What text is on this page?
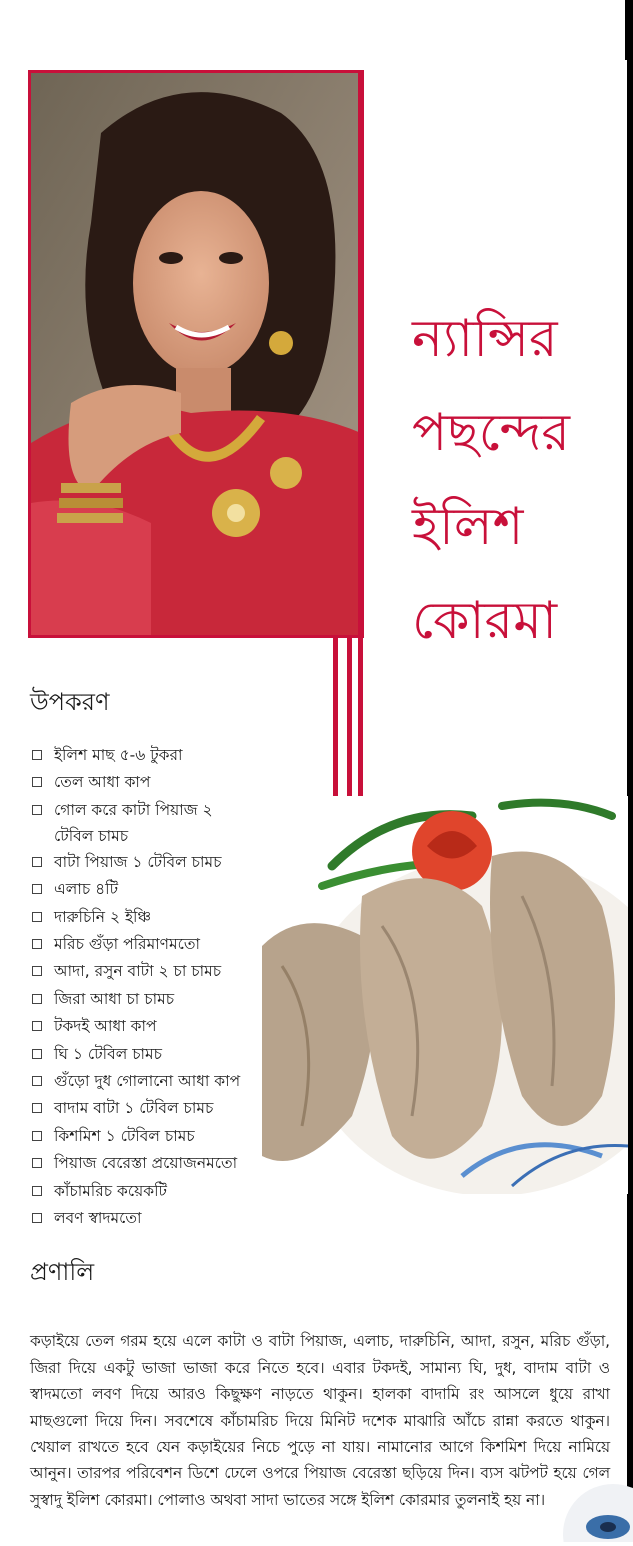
ন্যান্সির
পছন্দের
ইলিশ
কোরমা
উপকরণ
ইলিশ মাছ ৫-৬ টুকরা
তেল আধা কাপ
গোল করে কাটা পিয়াজ ২ টেবিল চামচ
বাটা পিয়াজ ১ টেবিল চামচ
এলাচ ৪টি
দারুচিনি ২ ইঞ্চি
মরিচ গুঁড়া পরিমাণমতো
আদা, রসুন বাটা ২ চা চামচ
জিরা আধা চা চামচ
টকদই আধা কাপ
ঘি ১ টেবিল চামচ
গুঁড়ো দুধ গোলানো আধা কাপ
বাদাম বাটা ১ টেবিল চামচ
কিশমিশ ১ টেবিল চামচ
পিয়াজ বেরেস্তা প্রয়োজনমতো
কাঁচামরিচ কয়েকটি
লবণ স্বাদমতো
প্রণালি

কড়াইয়ে তেল গরম হয়ে এলে কাটা ও বাটা পিয়াজ, এলাচ, দারুচিনি, আদা, রসুন, মরিচ গুঁড়া, জিরা দিয়ে একটু ভাজা ভাজা করে নিতে হবে। এবার টকদই, সামান্য ঘি, দুধ, বাদাম বাটা ও স্বাদমতো লবণ দিয়ে আরও কিছুক্ষণ নাড়তে থাকুন। হালকা বাদামি রং আসলে ধুয়ে রাখা মাছগুলো দিয়ে দিন। সবশেষে কাঁচামরিচ দিয়ে মিনিট দশেক মাঝারি আঁচে রান্না করতে থাকুন। খেয়াল রাখতে হবে যেন কড়াইয়ের নিচে পুড়ে না যায়। নামানোর আগে কিশমিশ দিয়ে নামিয়ে আনুন। তারপর পরিবেশন ডিশে ঢেলে ওপরে পিয়াজ বেরেস্তা ছড়িয়ে দিন। ব্যস ঝটপট হয়ে গেল সুস্বাদু ইলিশ কোরমা। পোলাও অথবা সাদা ভাতের সঙ্গে ইলিশ কোরমার তুলনাই হয় না।
